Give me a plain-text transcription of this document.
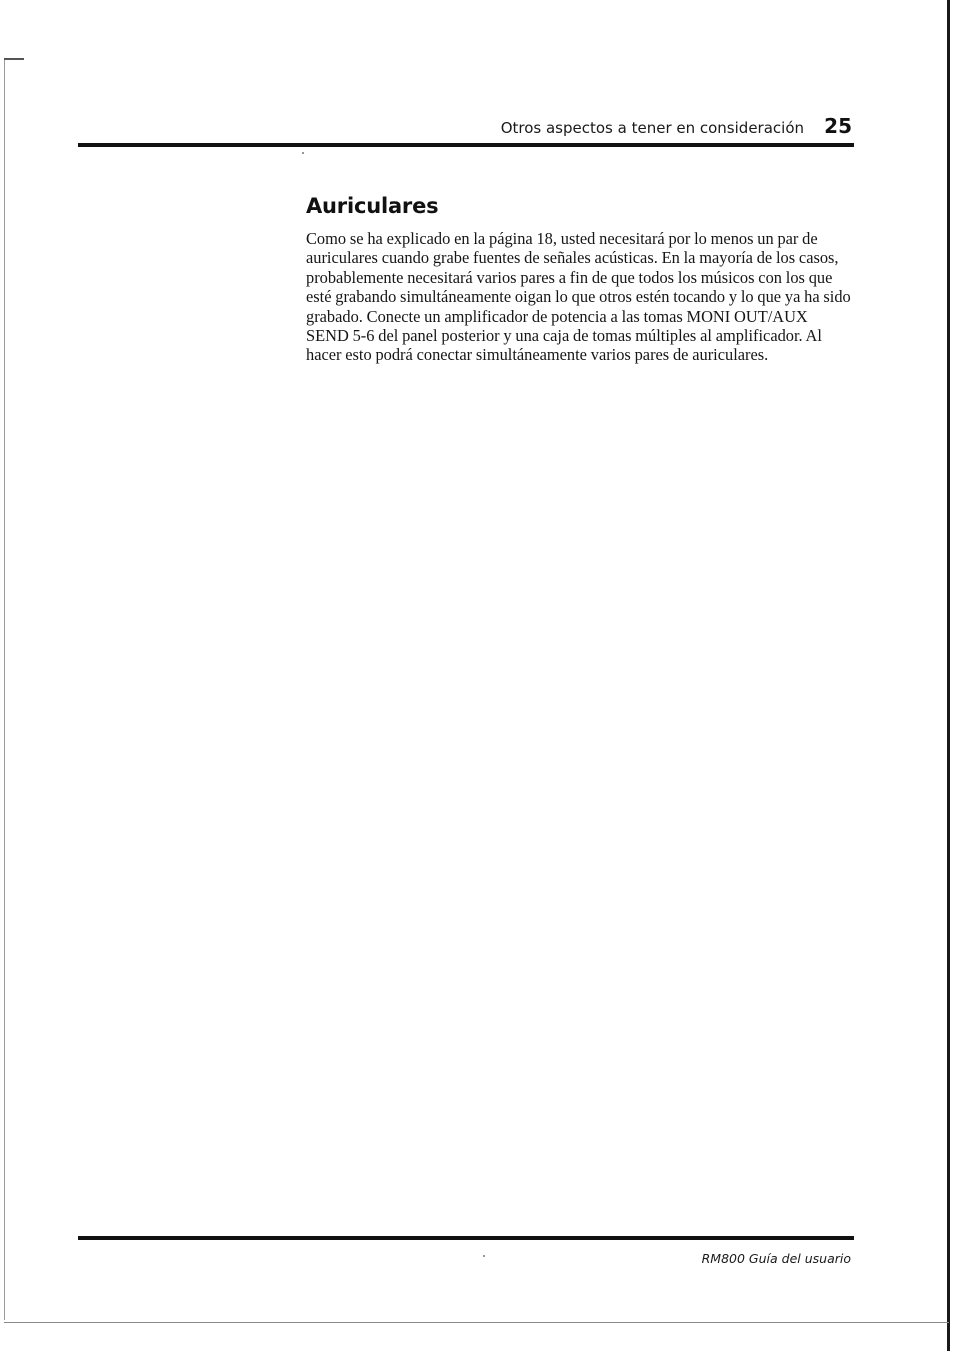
Otros aspectos a tener en consideración 25
Auriculares

Como se ha explicado en la página 18, usted necesitará por lo menos un par de auriculares cuando grabe fuentes de señales acústicas. En la mayoría de los casos, probablemente necesitará varios pares a fin de que todos los músicos con los que esté grabando simultáneamente oigan lo que otros estén tocando y lo que ya ha sido grabado. Conecte un amplificador de potencia a las tomas MONI OUT/AUX SEND 5-6 del panel posterior y una caja de tomas múltiples al amplificador. Al hacer esto podrá conectar simultáneamente varios pares de auriculares.

RM800 Guía del usuario
